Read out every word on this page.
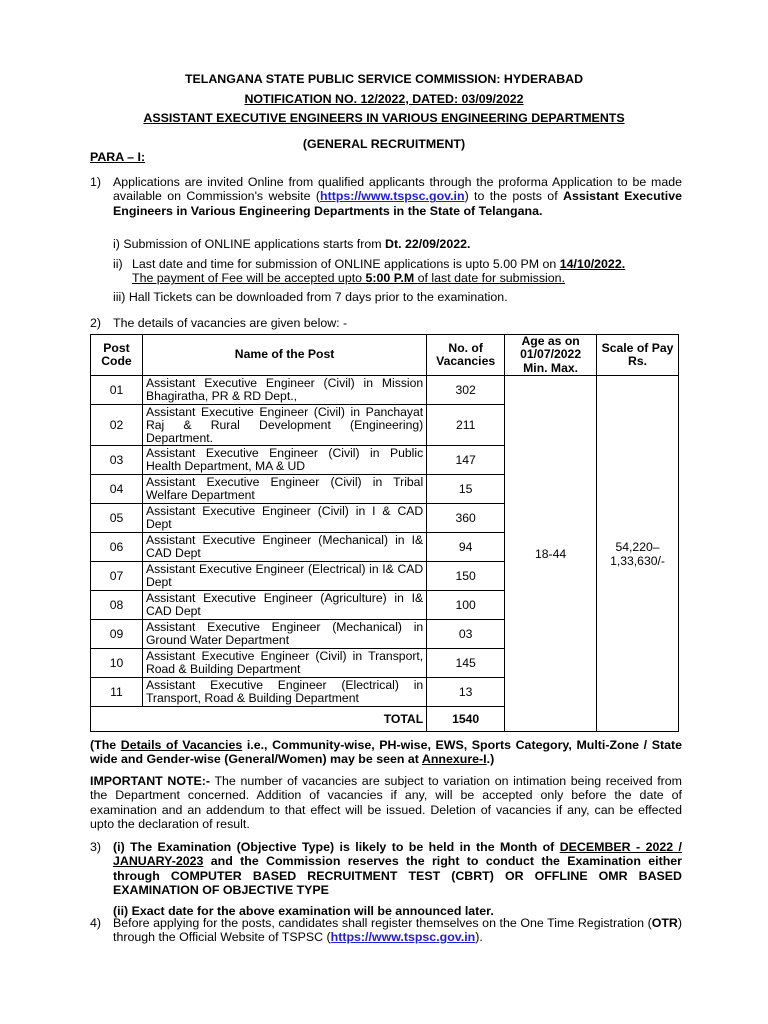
TELANGANA STATE PUBLIC SERVICE COMMISSION: HYDERABAD
NOTIFICATION NO. 12/2022, DATED: 03/09/2022
ASSISTANT EXECUTIVE ENGINEERS IN VARIOUS ENGINEERING DEPARTMENTS
(GENERAL RECRUITMENT)
PARA – I:
1) Applications are invited Online from qualified applicants through the proforma Application to be made available on Commission's website (https://www.tspsc.gov.in) to the posts of Assistant Executive Engineers in Various Engineering Departments in the State of Telangana.
i) Submission of ONLINE applications starts from Dt. 22/09/2022.
ii) Last date and time for submission of ONLINE applications is upto 5.00 PM on 14/10/2022.
The payment of Fee will be accepted upto 5:00 P.M of last date for submission.
iii) Hall Tickets can be downloaded from 7 days prior to the examination.
2) The details of vacancies are given below: -
Post Code	Name of the Post	No. of Vacancies	Age as on 01/07/2022 Min. Max.	Scale of Pay Rs.
01	Assistant Executive Engineer (Civil) in Mission Bhagiratha, PR & RD Dept.,	302	18-44	54,220– 1,33,630/-
02	Assistant Executive Engineer (Civil) in Panchayat Raj & Rural Development (Engineering) Department.	211		
03	Assistant Executive Engineer (Civil) in Public Health Department, MA & UD	147		
04	Assistant Executive Engineer (Civil) in Tribal Welfare Department	15		
05	Assistant Executive Engineer (Civil) in I & CAD Dept	360		
06	Assistant Executive Engineer (Mechanical) in I& CAD Dept	94		
07	Assistant Executive Engineer (Electrical) in I& CAD Dept	150		
08	Assistant Executive Engineer (Agriculture) in I& CAD Dept	100		
09	Assistant Executive Engineer (Mechanical) in Ground Water Department	03		
10	Assistant Executive Engineer (Civil) in Transport, Road & Building Department	145		
11	Assistant Executive Engineer (Electrical) in Transport, Road & Building Department	13		
TOTAL		1540		
(The Details of Vacancies i.e., Community-wise, PH-wise, EWS, Sports Category, Multi-Zone / State wide and Gender-wise (General/Women) may be seen at Annexure-I.)
IMPORTANT NOTE:- The number of vacancies are subject to variation on intimation being received from the Department concerned. Addition of vacancies if any, will be accepted only before the date of examination and an addendum to that effect will be issued. Deletion of vacancies if any, can be effected upto the declaration of result.
3) (i) The Examination (Objective Type) is likely to be held in the Month of DECEMBER - 2022 / JANUARY-2023 and the Commission reserves the right to conduct the Examination either through COMPUTER BASED RECRUITMENT TEST (CBRT) OR OFFLINE OMR BASED EXAMINATION OF OBJECTIVE TYPE
(ii) Exact date for the above examination will be announced later.
4) Before applying for the posts, candidates shall register themselves on the One Time Registration (OTR) through the Official Website of TSPSC (https://www.tspsc.gov.in).
